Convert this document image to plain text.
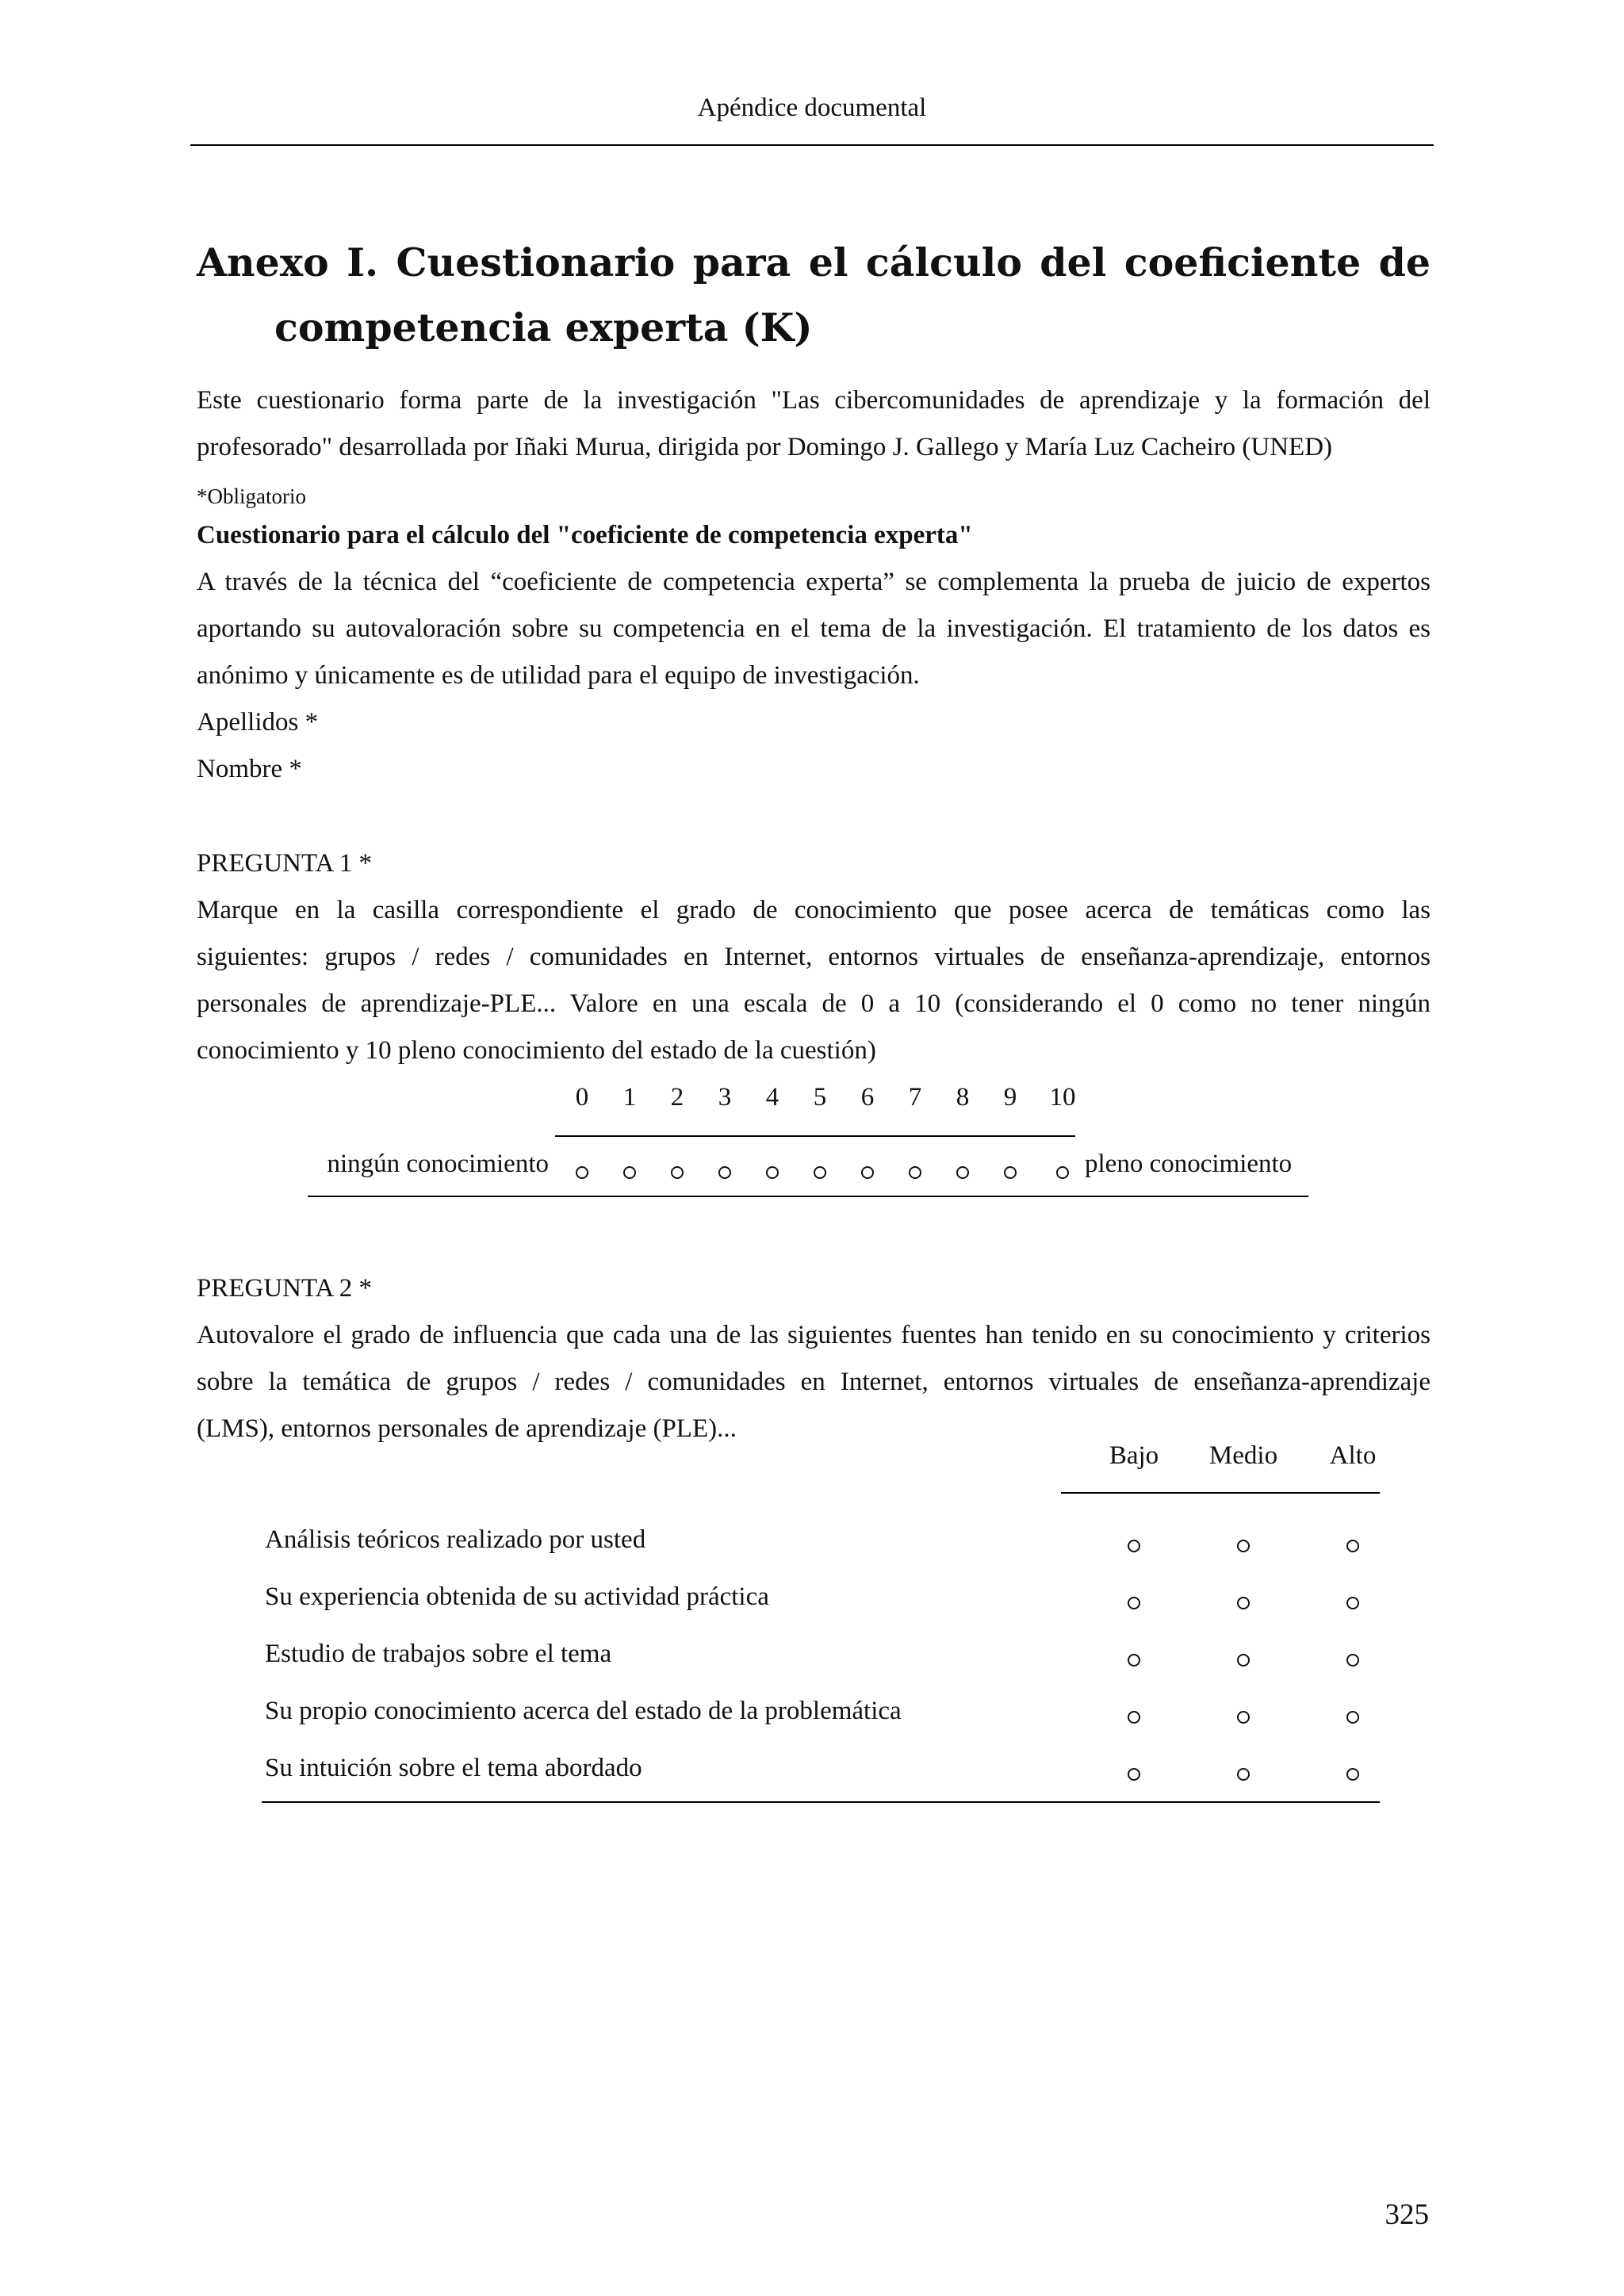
Apéndice documental
Anexo I. Cuestionario para el cálculo del coeficiente de
competencia experta (K)
Este cuestionario forma parte de la investigación "Las cibercomunidades de aprendizaje y la formación del
profesorado" desarrollada por Iñaki Murua, dirigida por Domingo J. Gallego y María Luz Cacheiro (UNED)
*Obligatorio
Cuestionario para el cálculo del "coeficiente de competencia experta"
A través de la técnica del “coeficiente de competencia experta” se complementa la prueba de juicio de expertos
aportando su autovaloración sobre su competencia en el tema de la investigación. El tratamiento de los datos es
anónimo y únicamente es de utilidad para el equipo de investigación.
Apellidos *
Nombre *
PREGUNTA 1 *
Marque en la casilla correspondiente el grado de conocimiento que posee acerca de temáticas como las
siguientes: grupos / redes / comunidades en Internet, entornos virtuales de enseñanza-aprendizaje, entornos
personales de aprendizaje-PLE... Valore en una escala de 0 a 10 (considerando el 0 como no tener ningún
conocimiento y 10 pleno conocimiento del estado de la cuestión)
0	1	2	3	4	5	6	7	8	9	10
ningún conocimiento	pleno conocimiento
PREGUNTA 2 *
Autovalore el grado de influencia que cada una de las siguientes fuentes han tenido en su conocimiento y criterios
sobre la temática de grupos / redes / comunidades en Internet, entornos virtuales de enseñanza-aprendizaje
(LMS), entornos personales de aprendizaje (PLE)...
Bajo	Medio	Alto
Análisis teóricos realizado por usted
Su experiencia obtenida de su actividad práctica
Estudio de trabajos sobre el tema
Su propio conocimiento acerca del estado de la problemática
Su intuición sobre el tema abordado
325
